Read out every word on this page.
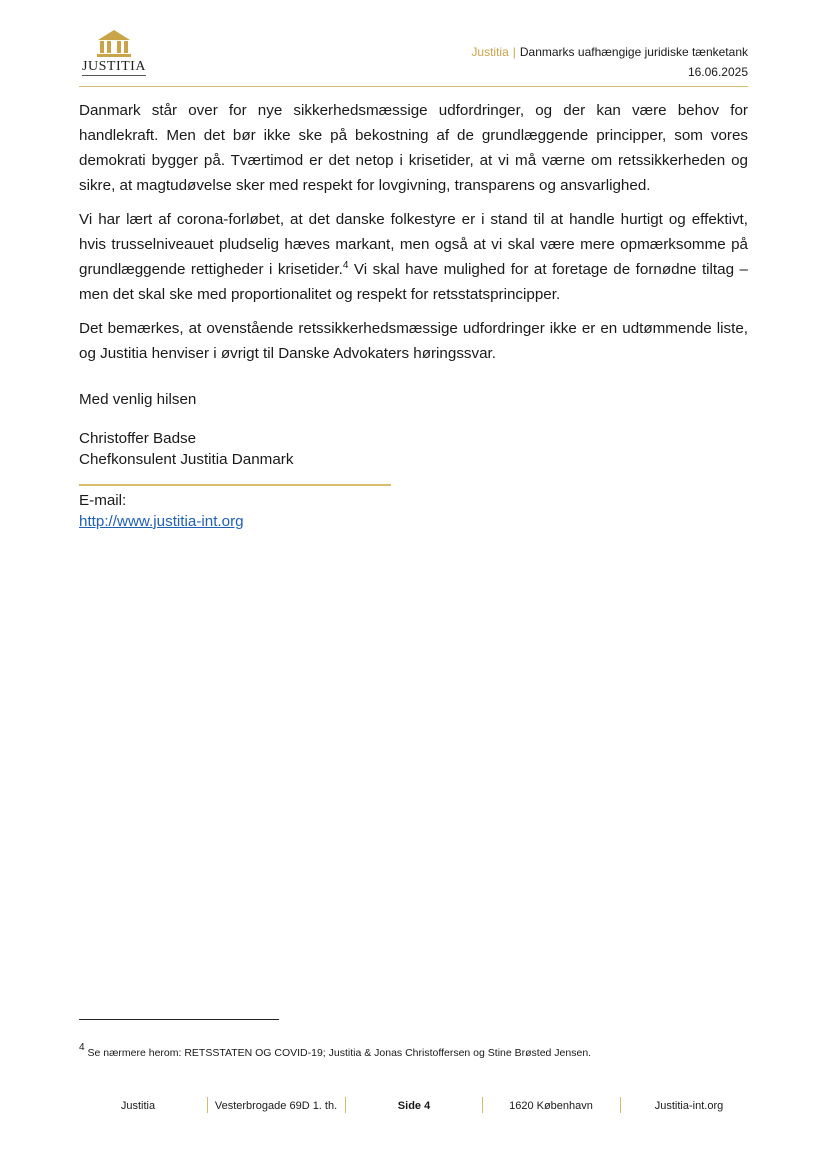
JUSTITIA
Justitia | Danmarks uafhængige juridiske tænketank
16.06.2025

Danmark står over for nye sikkerhedsmæssige udfordringer, og der kan være behov for handlekraft. Men det bør ikke ske på bekostning af de grundlæggende principper, som vores demokrati bygger på. Tværtimod er det netop i krisetider, at vi må værne om retssikkerheden og sikre, at magtudøvelse sker med respekt for lovgivning, transparens og ansvarlighed.

Vi har lært af corona-forløbet, at det danske folkestyre er i stand til at handle hurtigt og effektivt, hvis trusselniveauet pludselig hæves markant, men også at vi skal være mere opmærksomme på grundlæggende rettigheder i krisetider.$^4$ Vi skal have mulighed for at foretage de fornødne tiltag – men det skal ske med proportionalitet og respekt for retsstatsprincipper.

Det bemærkes, at ovenstående retssikkerhedsmæssige udfordringer ikke er en udtømmende liste, og Justitia henviser i øvrigt til Danske Advokaters høringssvar.

Med venlig hilsen
Christoffer Badse
Chefkonsulent Justitia Danmark
E-mail:
http://www.justitia-int.org
$^4$ Se nærmere herom: RETSSTATEN OG COVID-19; Justitia & Jonas Christoffersen og Stine Brøsted Jensen.
Justitia	Vesterbrogade 69D 1. th.	Side 4	1620 København	Justitia-int.org
